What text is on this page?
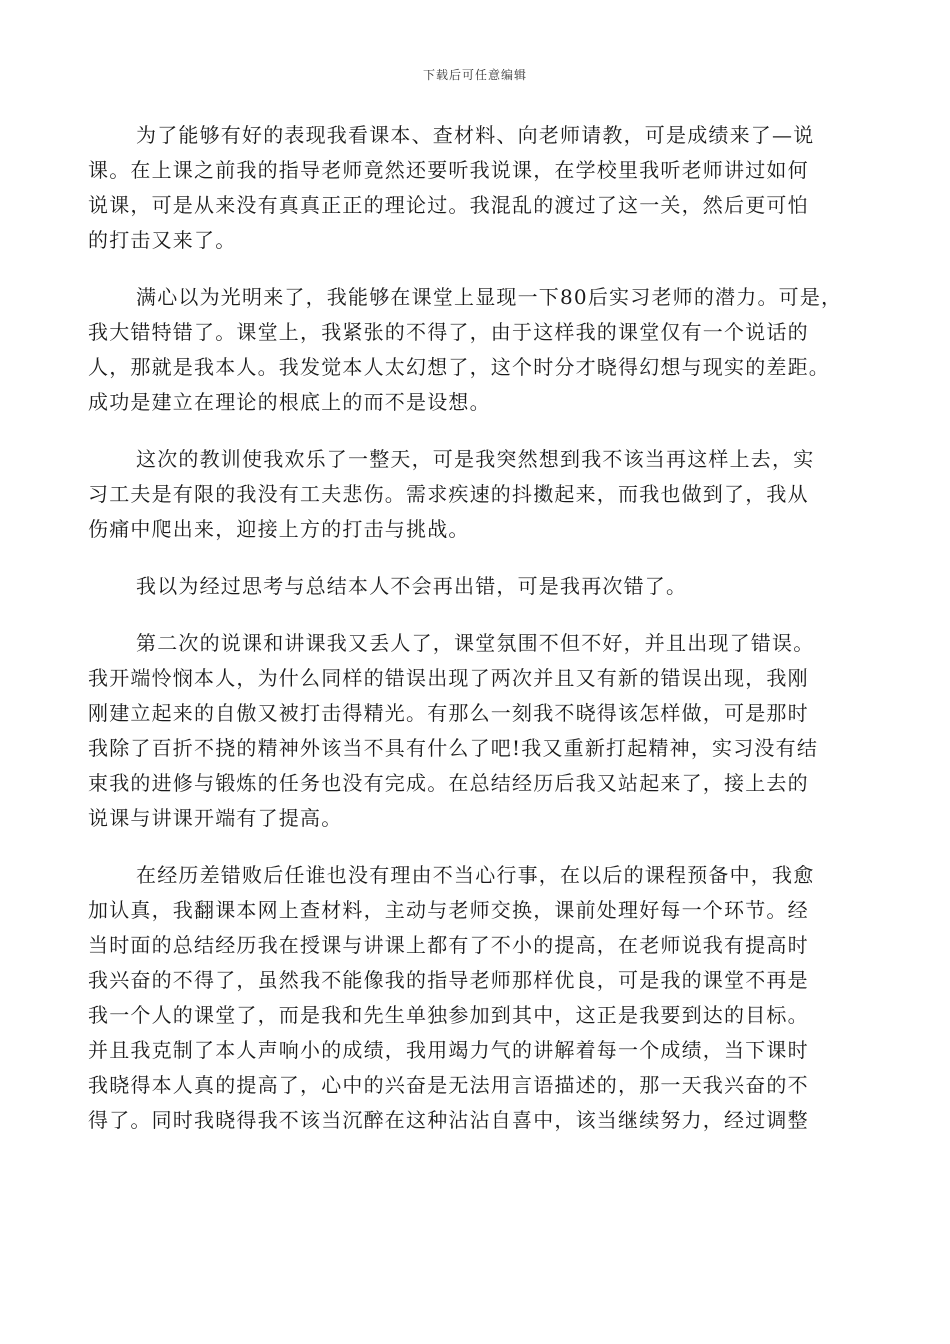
下载后可任意编辑

为了能够有好的表现我看课本、查材料、向老师请教，可是成绩来了—说
课。在上课之前我的指导老师竟然还要听我说课，在学校里我听老师讲过如何
说课，可是从来没有真真正正的理论过。我混乱的渡过了这一关，然后更可怕
的打击又来了。

满心以为光明来了，我能够在课堂上显现一下80后实习老师的潜力。可是，
我大错特错了。课堂上，我紧张的不得了，由于这样我的课堂仅有一个说话的
人，那就是我本人。我发觉本人太幻想了，这个时分才晓得幻想与现实的差距。
成功是建立在理论的根底上的而不是设想。

这次的教训使我欢乐了一整天，可是我突然想到我不该当再这样上去，实
习工夫是有限的我没有工夫悲伤。需求疾速的抖擞起来，而我也做到了，我从
伤痛中爬出来，迎接上方的打击与挑战。

我以为经过思考与总结本人不会再出错，可是我再次错了。

第二次的说课和讲课我又丢人了，课堂氛围不但不好，并且出现了错误。
我开端怜悯本人，为什么同样的错误出现了两次并且又有新的错误出现，我刚
刚建立起来的自傲又被打击得精光。有那么一刻我不晓得该怎样做，可是那时
我除了百折不挠的精神外该当不具有什么了吧!我又重新打起精神，实习没有结
束我的进修与锻炼的任务也没有完成。在总结经历后我又站起来了，接上去的
说课与讲课开端有了提高。

在经历差错败后任谁也没有理由不当心行事，在以后的课程预备中，我愈
加认真，我翻课本网上查材料，主动与老师交换，课前处理好每一个环节。经
当时面的总结经历我在授课与讲课上都有了不小的提高，在老师说我有提高时
我兴奋的不得了，虽然我不能像我的指导老师那样优良，可是我的课堂不再是
我一个人的课堂了，而是我和先生单独参加到其中，这正是我要到达的目标。
并且我克制了本人声响小的成绩，我用竭力气的讲解着每一个成绩，当下课时
我晓得本人真的提高了，心中的兴奋是无法用言语描述的，那一天我兴奋的不
得了。同时我晓得我不该当沉醉在这种沾沾自喜中，该当继续努力，经过调整
